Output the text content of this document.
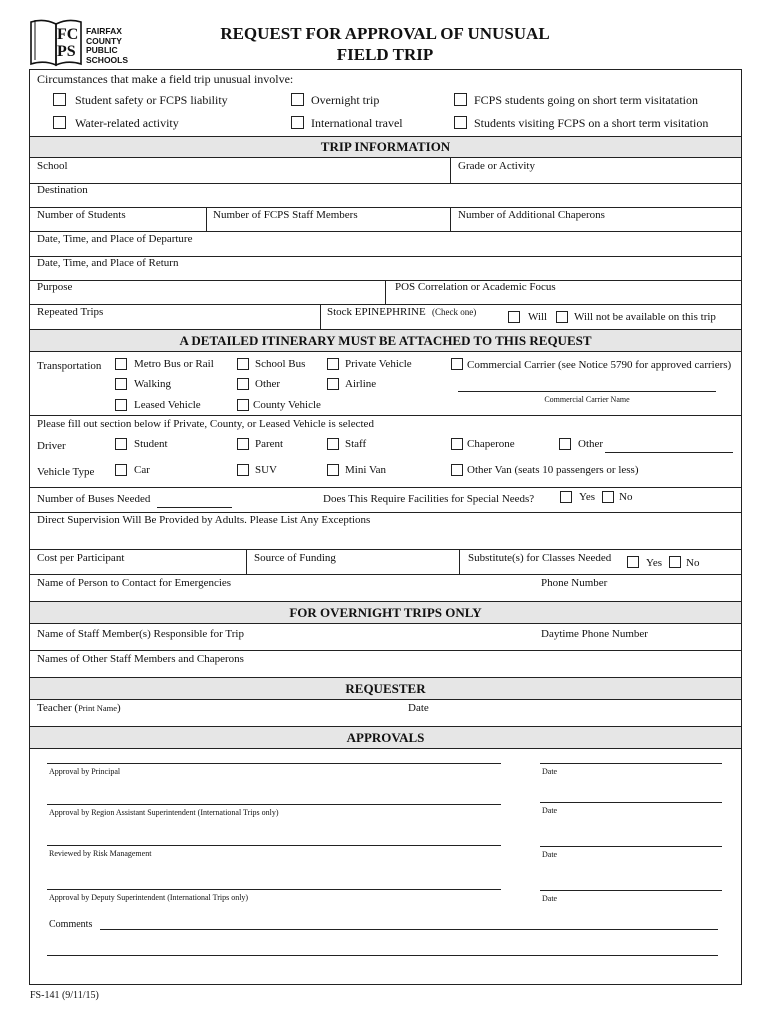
FC
PS
FAIRFAX
COUNTY
PUBLIC
SCHOOLS
REQUEST FOR APPROVAL OF UNUSUAL
FIELD TRIP
Circumstances that make a field trip unusual involve:
Student safety or FCPS liability	Overnight trip	FCPS students going on short term visitatation
Water-related activity	International travel	Students visiting FCPS on a short term visitation
TRIP INFORMATION
School	Grade or Activity
Destination
Number of Students	Number of FCPS Staff Members	Number of Additional Chaperons
Date, Time, and Place of Departure
Date, Time, and Place of Return
Purpose	POS Correlation or Academic Focus
Repeated Trips	Stock EPINEPHRINE (Check one)	Will Will not be available on this trip
A DETAILED ITINERARY MUST BE ATTACHED TO THIS REQUEST
Transportation	Metro Bus or Rail	School Bus	Private Vehicle	Commercial Carrier (see Notice 5790 for approved carriers)
Walking	Other	Airline
Commercial Carrier Name
Leased Vehicle	County Vehicle
Please fill out section below if Private, County, or Leased Vehicle is selected
Driver	Student	Parent	Staff	Chaperone	Other
Vehicle Type	Car	SUV	Mini Van	Other Van (seats 10 passengers or less)
Number of Buses Needed	Does This Require Facilities for Special Needs?	Yes No
Direct Supervision Will Be Provided by Adults. Please List Any Exceptions
Cost per Participant	Source of Funding	Substitute(s) for Classes Needed	Yes No
Name of Person to Contact for Emergencies	Phone Number
FOR OVERNIGHT TRIPS ONLY
Name of Staff Member(s) Responsible for Trip	Daytime Phone Number
Names of Other Staff Members and Chaperons
REQUESTER
Teacher (Print Name)	Date
APPROVALS
Approval by Principal	Date
Approval by Region Assistant Superintendent (International Trips only)	Date
Reviewed by Risk Management	Date
Approval by Deputy Superintendent (International Trips only)	Date
Comments
FS-141 (9/11/15)
